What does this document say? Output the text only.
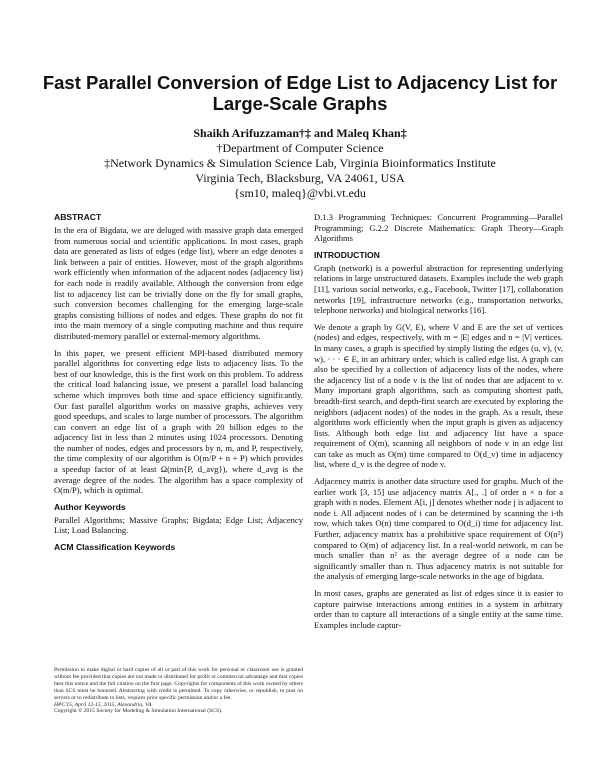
Fast Parallel Conversion of Edge List to Adjacency List for
Large-Scale Graphs
Shaikh Arifuzzaman†‡ and Maleq Khan‡
†Department of Computer Science
‡Network Dynamics & Simulation Science Lab, Virginia Bioinformatics Institute
Virginia Tech, Blacksburg, VA 24061, USA
{sm10, maleq}@vbi.vt.edu
ABSTRACT

In the era of Bigdata, we are deluged with massive graph data emerged from numerous social and scientific applications. In most cases, graph data are generated as lists of edges (edge list), where an edge denotes a link between a pair of entities. However, most of the graph algorithms work efficiently when information of the adjacent nodes (adjacency list) for each node is readily available. Although the conversion from edge list to adjacency list can be trivially done on the fly for small graphs, such conversion becomes challenging for the emerging large-scale graphs consisting billions of nodes and edges. These graphs do not fit into the main memory of a single computing machine and thus require distributed-memory parallel or external-memory algorithms.

In this paper, we present efficient MPI-based distributed memory parallel algorithms for converting edge lists to adjacency lists. To the best of our knowledge, this is the first work on this problem. To address the critical load balancing issue, we present a parallel load balancing scheme which improves both time and space efficiency significantly. Our fast parallel algorithm works on massive graphs, achieves very good speedups, and scales to large number of processors. The algorithm can convert an edge list of a graph with 20 billion edges to the adjacency list in less than 2 minutes using 1024 processors. Denoting the number of nodes, edges and processors by n, m, and P, respectively, the time complexity of our algorithm is O(m/P + n + P) which provides a speedup factor of at least Ω(min{P, d_avg}), where d_avg is the average degree of the nodes. The algorithm has a space complexity of O(m/P), which is optimal.

Author Keywords

Parallel Algorithms; Massive Graphs; Bigdata; Edge List; Adjacency List; Load Balancing.

ACM Classification Keywords
Permission to make digital or hard copies of all or part of this work for personal or classroom use is granted without fee provided that copies are not made or distributed for profit or commercial advantage and that copies bear this notice and the full citation on the first page. Copyrights for components of this work owned by others than SCS must be honored. Abstracting with credit is permitted. To copy otherwise, or republish, to post on servers or to redistribute to lists, requires prior specific permission and/or a fee.
HPC'15, April 12-15, 2015, Alexandria, VA.
Copyright © 2015 Society for Modeling & Simulation International (SCS).

D.1.3 Programming Techniques: Concurrent Programming—Parallel Programming; G.2.2 Discrete Mathematics: Graph Theory—Graph Algorithms

INTRODUCTION

Graph (network) is a powerful abstraction for representing underlying relations in large unstructured datasets. Examples include the web graph [11], various social networks, e.g., Facebook, Twitter [17], collaboration networks [19], infrastructure networks (e.g., transportation networks, telephone networks) and biological networks [16].

We denote a graph by G(V, E), where V and E are the set of vertices (nodes) and edges, respectively, with m = |E| edges and n = |V| vertices. In many cases, a graph is specified by simply listing the edges (u, v), (v, w), · · · ∈ E, in an arbitrary order, which is called edge list. A graph can also be specified by a collection of adjacency lists of the nodes, where the adjacency list of a node v is the list of nodes that are adjacent to v. Many important graph algorithms, such as computing shortest path, breadth-first search, and depth-first search are executed by exploring the neighbors (adjacent nodes) of the nodes in the graph. As a result, these algorithms work efficiently when the input graph is given as adjacency lists. Although both edge list and adjacency list have a space requirement of O(m), scanning all neighbors of node v in an edge list can take as much as O(m) time compared to O(d_v) time in adjacency list, where d_v is the degree of node v.

Adjacency matrix is another data structure used for graphs. Much of the earlier work [3, 15] use adjacency matrix A[., .] of order n × n for a graph with n nodes. Element A[i, j] denotes whether node j is adjacent to node i. All adjacent nodes of i can be determined by scanning the i-th row, which takes O(n) time compared to O(d_i) time for adjacency list. Further, adjacency matrix has a prohibitive space requirement of O(n²) compared to O(m) of adjacency list. In a real-world network, m can be much smaller than n² as the average degree of a node can be significantly smaller than n. Thus adjacency matrix is not suitable for the analysis of emerging large-scale networks in the age of bigdata.

In most cases, graphs are generated as list of edges since it is easier to capture pairwise interactions among entities in a system in arbitrary order than to capture all interactions of a single entity at the same time. Examples include captur-
